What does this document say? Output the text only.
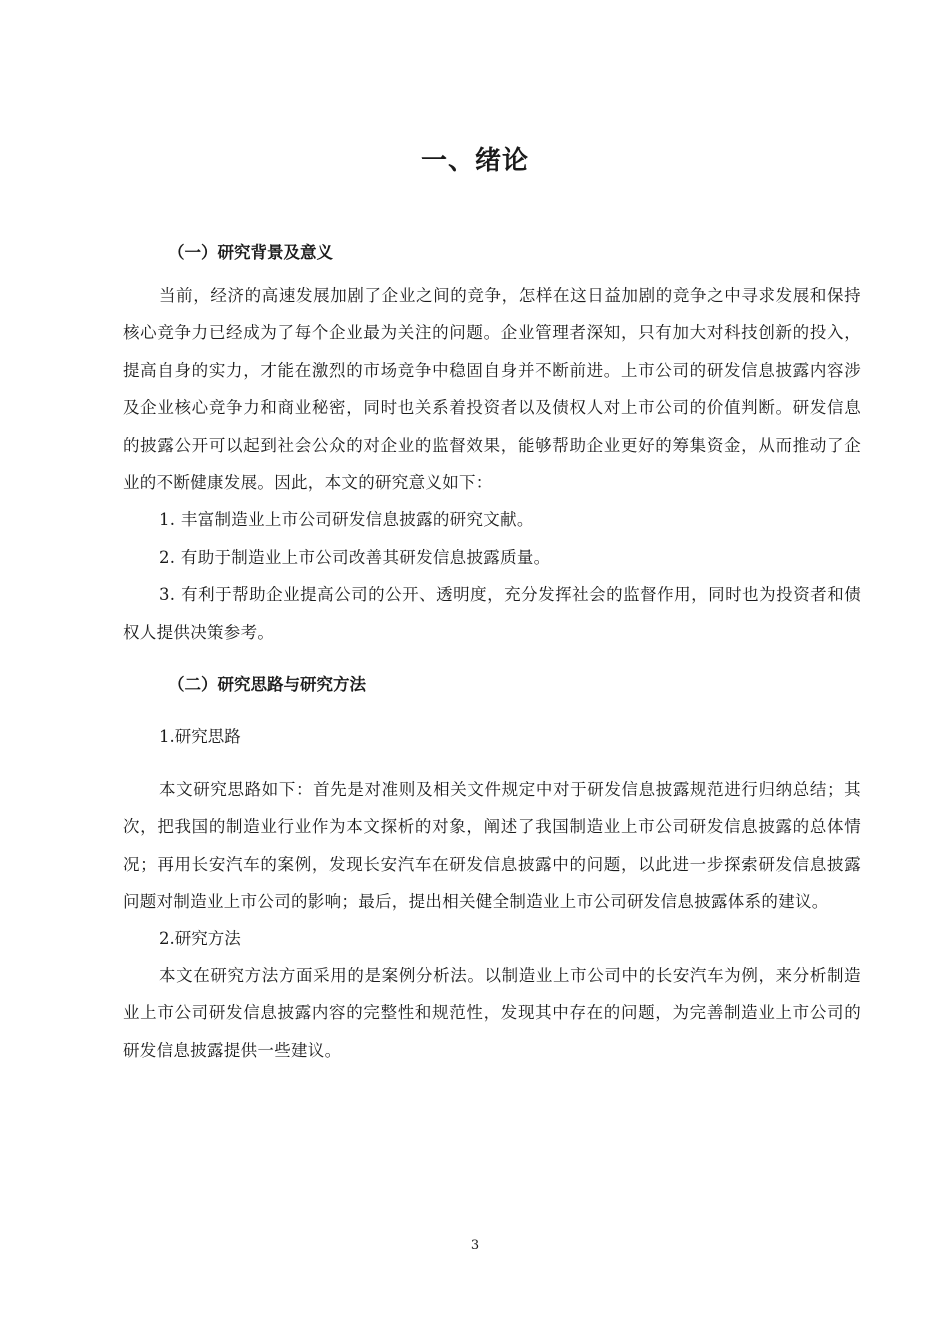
一、绪论
（一）研究背景及意义

当前，经济的高速发展加剧了企业之间的竞争，怎样在这日益加剧的竞争之中寻求发展和保持核心竞争力已经成为了每个企业最为关注的问题。企业管理者深知，只有加大对科技创新的投入，提高自身的实力，才能在激烈的市场竞争中稳固自身并不断前进。上市公司的研发信息披露内容涉及企业核心竞争力和商业秘密，同时也关系着投资者以及债权人对上市公司的价值判断。研发信息的披露公开可以起到社会公众的对企业的监督效果，能够帮助企业更好的筹集资金，从而推动了企业的不断健康发展。因此，本文的研究意义如下：

1. 丰富制造业上市公司研发信息披露的研究文献。

2. 有助于制造业上市公司改善其研发信息披露质量。

3. 有利于帮助企业提高公司的公开、透明度，充分发挥社会的监督作用，同时也为投资者和债权人提供决策参考。

（二）研究思路与研究方法

1.研究思路

本文研究思路如下：首先是对准则及相关文件规定中对于研发信息披露规范进行归纳总结；其次，把我国的制造业行业作为本文探析的对象，阐述了我国制造业上市公司研发信息披露的总体情况；再用长安汽车的案例，发现长安汽车在研发信息披露中的问题，以此进一步探索研发信息披露问题对制造业上市公司的影响；最后，提出相关健全制造业上市公司研发信息披露体系的建议。

2.研究方法

本文在研究方法方面采用的是案例分析法。以制造业上市公司中的长安汽车为例，来分析制造业上市公司研发信息披露内容的完整性和规范性，发现其中存在的问题，为完善制造业上市公司的研发信息披露提供一些建议。

3
